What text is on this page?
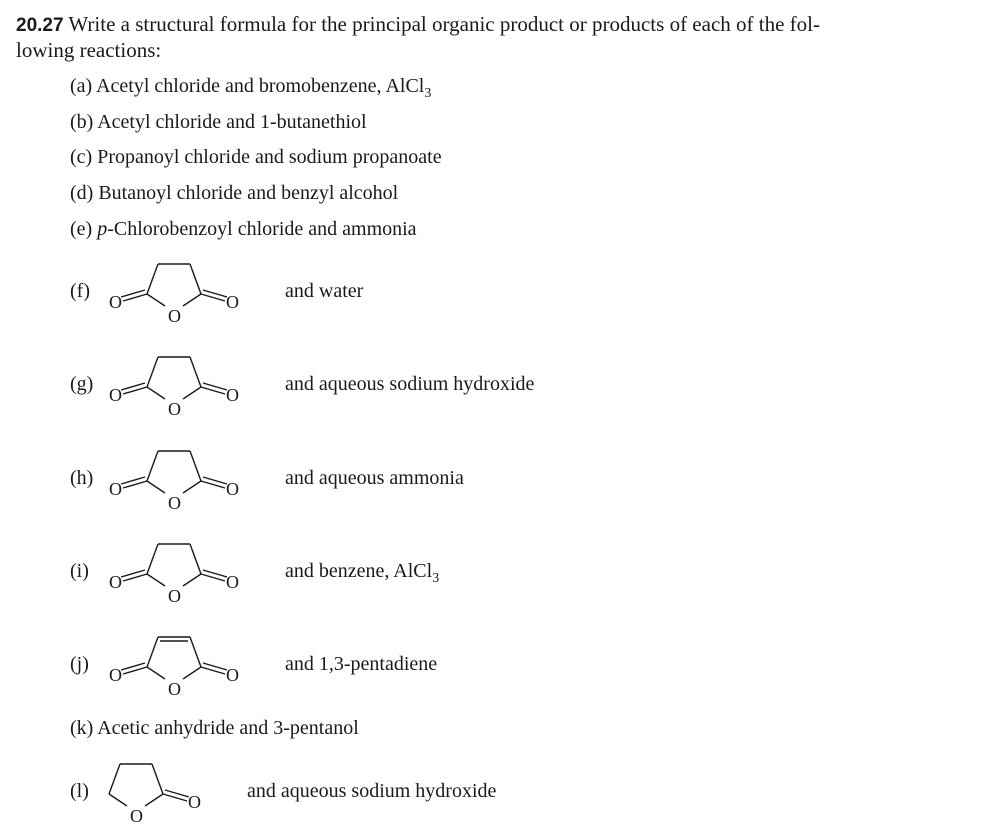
20.27 Write a structural formula for the principal organic product or products of each of the fol-
lowing reactions:
(a) Acetyl chloride and bromobenzene, AlCl$_3$
(b) Acetyl chloride and 1-butanethiol
(c) Propanoyl chloride and sodium propanoate
(d) Butanoyl chloride and benzyl alcohol
(e) p-Chlorobenzoyl chloride and ammonia
(f) O
O
O and water
(g) O
O
O and aqueous sodium hydroxide
(h) O
O
O and aqueous ammonia
(i) O
O
O and benzene, AlCl$_3$
(j) O
O
O and 1,3-pentadiene
(k) Acetic anhydride and 3-pentanol
(l)
O
O and aqueous sodium hydroxide
